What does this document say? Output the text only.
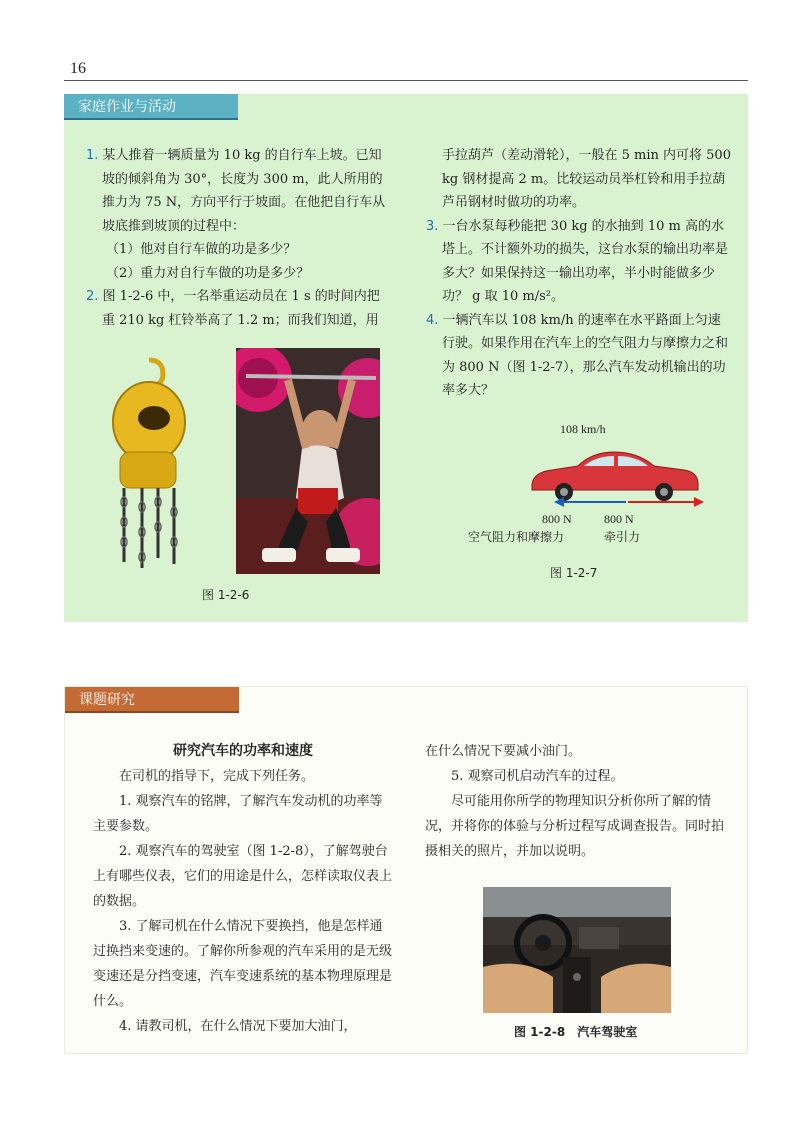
16
家庭作业与活动

1. 某人推着一辆质量为 10 kg 的自行车上坡。已知坡的倾斜角为 30°，长度为 300 m，此人所用的推力为 75 N，方向平行于坡面。在他把自行车从坡底推到坡顶的过程中：

（1）他对自行车做的功是多少？

（2）重力对自行车做的功是多少？

2. 图 1-2-6 中，一名举重运动员在 1 s 的时间内把重 210 kg 杠铃举高了 1.2 m；而我们知道，用

图 1-2-6

手拉葫芦（差动滑轮），一般在 5 min 内可将 500 kg 钢材提高 2 m。比较运动员举杠铃和用手拉葫芦吊钢材时做功的功率。

3. 一台水泵每秒能把 30 kg 的水抽到 10 m 高的水塔上。不计额外功的损失，这台水泵的输出功率是多大？如果保持这一输出功率，半小时能做多少功？ g 取 10 m/s²。

4. 一辆汽车以 108 km/h 的速率在水平路面上匀速行驶。如果作用在汽车上的空气阻力与摩擦力之和为 800 N（图 1-2-7），那么汽车发动机输出的功率多大？

108 km/h
800 N	800 N
空气阻力和摩擦力	牵引力
图 1-2-7
课题研究

研究汽车的功率和速度

在司机的指导下，完成下列任务。

1. 观察汽车的铭牌，了解汽车发动机的功率等主要参数。

2. 观察汽车的驾驶室（图 1-2-8），了解驾驶台上有哪些仪表，它们的用途是什么，怎样读取仪表上的数据。

3. 了解司机在什么情况下要换挡，他是怎样通过换挡来变速的。了解你所参观的汽车采用的是无级变速还是分挡变速，汽车变速系统的基本物理原理是什么。

4. 请教司机，在什么情况下要加大油门，

在什么情况下要减小油门。

5. 观察司机启动汽车的过程。

尽可能用你所学的物理知识分析你所了解的情况，并将你的体验与分析过程写成调查报告。同时拍摄相关的照片，并加以说明。

图 1-2-8　汽车驾驶室
